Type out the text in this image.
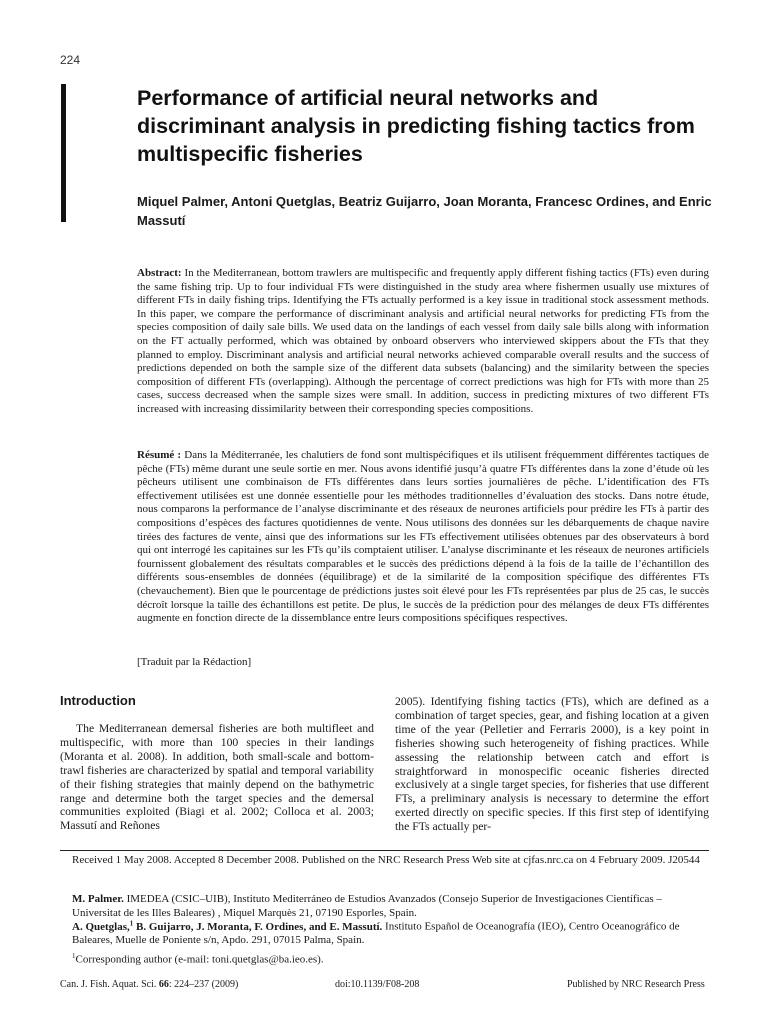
224
Performance of artificial neural networks and discriminant analysis in predicting fishing tactics from multispecific fisheries

Miquel Palmer, Antoni Quetglas, Beatriz Guijarro, Joan Moranta, Francesc Ordines, and Enric Massutí

Abstract: In the Mediterranean, bottom trawlers are multispecific and frequently apply different fishing tactics (FTs) even during the same fishing trip. Up to four individual FTs were distinguished in the study area where fishermen usually use mixtures of different FTs in daily fishing trips. Identifying the FTs actually performed is a key issue in traditional stock assessment methods. In this paper, we compare the performance of discriminant analysis and artificial neural networks for predicting FTs from the species composition of daily sale bills. We used data on the landings of each vessel from daily sale bills along with information on the FT actually performed, which was obtained by onboard observers who interviewed skippers about the FTs that they planned to employ. Discriminant analysis and artificial neural networks achieved comparable overall results and the success of predictions depended on both the sample size of the different data subsets (balancing) and the similarity between the species composition of different FTs (overlapping). Although the percentage of correct predictions was high for FTs with more than 25 cases, success decreased when the sample sizes were small. In addition, success in predicting mixtures of two different FTs increased with increasing dissimilarity between their corresponding species compositions.

Résumé : Dans la Méditerranée, les chalutiers de fond sont multispécifiques et ils utilisent fréquemment différentes tactiques de pêche (FTs) même durant une seule sortie en mer. Nous avons identifié jusqu’à quatre FTs différentes dans la zone d’étude où les pêcheurs utilisent une combinaison de FTs différentes dans leurs sorties journalières de pêche. L’identification des FTs effectivement utilisées est une donnée essentielle pour les méthodes traditionnelles d’évaluation des stocks. Dans notre étude, nous comparons la performance de l’analyse discriminante et des réseaux de neurones artificiels pour prédire les FTs à partir des compositions d’espèces des factures quotidiennes de vente. Nous utilisons des données sur les débarquements de chaque navire tirées des factures de vente, ainsi que des informations sur les FTs effectivement utilisées obtenues par des observateurs à bord qui ont interrogé les capitaines sur les FTs qu’ils comptaient utiliser. L’analyse discriminante et les réseaux de neurones artificiels fournissent globalement des résultats comparables et le succès des prédictions dépend à la fois de la taille de l’échantillon des différents sous-ensembles de données (équilibrage) et de la similarité de la composition spécifique des différentes FTs (chevauchement). Bien que le pourcentage de prédictions justes soit élevé pour les FTs représentées par plus de 25 cas, le succès décroît lorsque la taille des échantillons est petite. De plus, le succès de la prédiction pour des mélanges de deux FTs différentes augmente en fonction directe de la dissemblance entre leurs compositions spécifiques respectives.

[Traduit par la Rédaction]

Introduction

The Mediterranean demersal fisheries are both multifleet and multispecific, with more than 100 species in their landings (Moranta et al. 2008). In addition, both small-scale and bottom-trawl fisheries are characterized by spatial and temporal variability of their fishing strategies that mainly depend on the bathymetric range and determine both the target species and the demersal communities exploited (Biagi et al. 2002; Colloca et al. 2003; Massutí and Reñones

2005). Identifying fishing tactics (FTs), which are defined as a combination of target species, gear, and fishing location at a given time of the year (Pelletier and Ferraris 2000), is a key point in fisheries showing such heterogeneity of fishing practices. While assessing the relationship between catch and effort is straightforward in monospecific oceanic fisheries directed exclusively at a single target species, for fisheries that use different FTs, a preliminary analysis is necessary to determine the effort exerted directly on specific species. If this first step of identifying the FTs actually per-

Received 1 May 2008. Accepted 8 December 2008. Published on the NRC Research Press Web site at cjfas.nrc.ca on 4 February 2009. J20544

M. Palmer. IMEDEA (CSIC–UIB), Instituto Mediterráneo de Estudios Avanzados (Consejo Superior de Investigaciones Científicas – Universitat de les Illes Baleares) , Miquel Marquès 21, 07190 Esporles, Spain.

A. Quetglas,$^1$ B. Guijarro, J. Moranta, F. Ordines, and E. Massutí. Instituto Español de Oceanografía (IEO), Centro Oceanográfico de Baleares, Muelle de Poniente s/n, Apdo. 291, 07015 Palma, Spain.

$^1$Corresponding author (e-mail: toni.quetglas@ba.ieo.es).

Can. J. Fish. Aquat. Sci. 66: 224–237 (2009)	doi:10.1139/F08-208	Published by NRC Research Press
